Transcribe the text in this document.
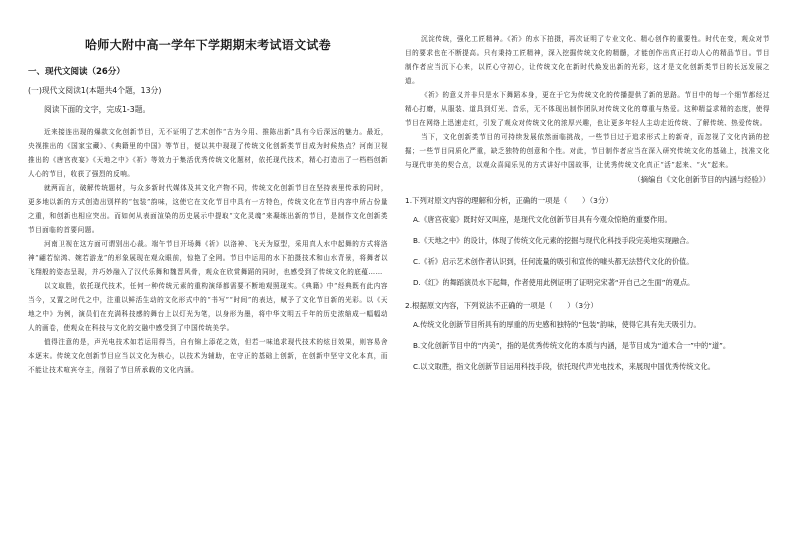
哈师大附中高一学年下学期期末考试语文试卷
一、现代文阅读（26分）
(一)现代文阅读1(本题共4个题，13分)
阅读下面的文字，完成1-3题。

近来接连出现的爆款文化创新节目，无不证明了艺术创作“古为今用、推陈出新”具有今后深远的魅力。最近，央视推出的《国家宝藏》、《典籍里的中国》等节目，便以其中现现了传统文化创新类节目成为时候热点？河南卫视推出的《唐宫夜宴》《天地之中》《祈》等效力于集活优秀传统文化题材，依托现代技术，精心打造出了一档档创新人心的节目，收获了强烈的反响。

就两而言，破解传统题材，与众多新时代媒体及其文化产物不同，传统文化创新节目在坚持表里传承的同时，更多地以新的方式创造出别样的“包装”韵味，这使它在文化节目中具有一方特色，传统文化在节目内容中所占份量之重，和创新也相应突出。而如何从表面渲染的历史展示中提取“文化灵魂”来凝练出新的节目，是制作文化创新类节目面临的首要问题。

河南卫视在这方面可谓别出心裁。端午节目开场舞《祈》以洛神、飞天为原型，采用真人水中起舞的方式将洛神“翩若惊鸿、婉若游龙”的形象展现在观众眼前，惊艳了全网。节目中运用的水下拍摄技术和山水背景，将舞者以飞翔般的姿态呈现，并巧妙融入了汉代乐舞和魏晋风骨，观众在欣赏舞蹈的同时，也感受到了传统文化的底蕴……

以文取胜，依托现代技术，任何一种传统元素的重构演绎都需要不断地观照现实。《典籍》中“经典既有此内容当今，又置之时代之中，注重以鲜活生动的文化形式中的“书写”“时间”的表达，赋予了文化节目新的光彩。以《天地之中》为例，演员们在充满科技感的舞台上以灯光为笔，以身形为墨，将中华文明五千年的历史浓缩成一幅幅动人的画卷，使观众在科技与文化的交融中感受到了中国传统美学。

值得注意的是，声光电技术如若运用得当，自有锦上添花之效，但若一味追求现代技术的炫目效果，则容易舍本逐末。传统文化创新节目应当以文化为核心，以技术为辅助，在守正的基础上创新，在创新中坚守文化本真，而不能让技术喧宾夺主，削弱了节目所承载的文化内涵。

沉淀传统，强化工匠精神。《祈》的水下拍摄，再次证明了专业文化、精心创作的重要性。时代在变，观众对节目的要求也在不断提高。只有秉持工匠精神，深入挖掘传统文化的精髓，才能创作出真正打动人心的精品节目。节目制作者应当沉下心来，以匠心守初心，让传统文化在新时代焕发出新的光彩，这才是文化创新类节目的长远发展之道。

《祈》的意义并非只是水下舞蹈本身，更在于它为传统文化的传播提供了新的思路。节目中的每一个细节都经过精心打磨，从服装、道具到灯光、音乐，无不体现出制作团队对传统文化的尊重与热爱。这种精益求精的态度，使得节目在网络上迅速走红，引发了观众对传统文化的浓厚兴趣，也让更多年轻人主动走近传统、了解传统、热爱传统。

当下，文化创新类节目的可持续发展依然面临挑战，一些节目过于追求形式上的新奇，而忽视了文化内涵的挖掘；一些节目同质化严重，缺乏独特的创意和个性。对此，节目制作者应当在深入研究传统文化的基础上，找准文化与现代审美的契合点，以观众喜闻乐见的方式讲好中国故事，让优秀传统文化真正“活”起来、“火”起来。

（摘编自《文化创新节目的内涵与经验》）
1.下列对原文内容的理解和分析，正确的一项是（　　）（3分）
A.《唐宫夜宴》既时好又叫座，是现代文化创新节目具有今观众惊艳的重要作用。
B.《天地之中》的设计，体现了传统文化元素的挖掘与现代化科技手段完美地实现融合。
C.《祈》启示艺术创作者认识到，任何流量的吸引和宣传的噱头都无法替代文化的价值。
D.《红》的舞蹈演员水下起舞，作者使用此例证明了证明完宋著“开自己之生面”的观点。
2.根据原文内容，下列说法不正确的一项是（　　）（3分）
A.传统文化创新节目所具有的厚重的历史感和独特的“包装”韵味，使得它具有先天吸引力。
B.文化创新节目中的“内美”，指的是优秀传统文化的本质与内涵，是节目成为“道术合一”中的“道”。
C.以文取胜，指文化创新节目运用科技手段，依托现代声光电技术，来展现中国优秀传统文化。
